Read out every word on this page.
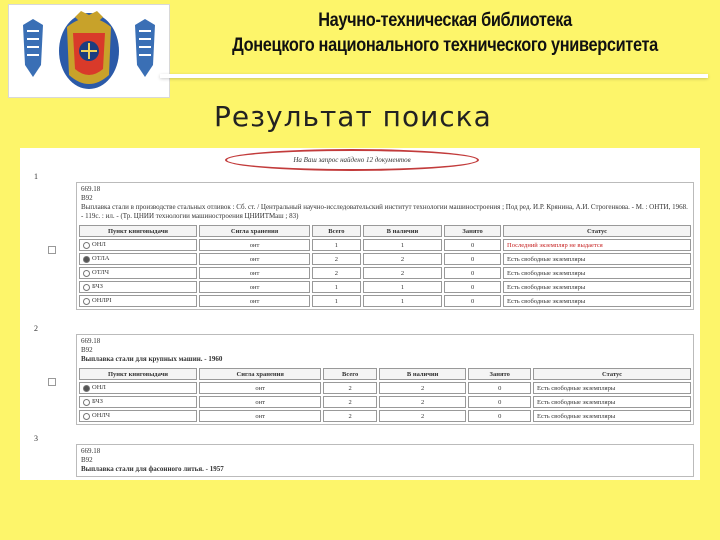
Научно-техническая библиотека
Донецкого национального технического университета
Результат поиска
На Ваш запрос найдено 12 документов
1
669.18
В92
Выплавка стали в производстве стальных отливок : Сб. ст. / Центральный научно-исследовательский институт технологии машиностроения ; Под ред. И.Р. Крянина, А.И. Строгенкова. - М. : ОНТИ, 1968. - 119с. : ил. - (Тр. ЦНИИ технологии машиностроения ЦНИИТМаш ; 83)
Пункт книговыдачи	Сигла хранения	Всего	В наличии	Занято	Статус
ОНЛ	онт	1	1	0	Последний экземпляр не выдается
ОТЛА	онт	2	2	0	Есть свободные экземпляры
ОТЛЧ	онт	2	2	0	Есть свободные экземпляры
БЧЗ	онт	1	1	0	Есть свободные экземпляры
ОНЛРІ	онт	1	1	0	Есть свободные экземпляры
2
669.18
В92
Выплавка стали для крупных машин. - 1960
Пункт книговыдачи	Сигла хранения	Всего	В наличии	Занято	Статус
ОНЛ	онт	2	2	0	Есть свободные экземпляры
БЧЗ	онт	2	2	0	Есть свободные экземпляры
ОНЛЧ	онт	2	2	0	Есть свободные экземпляры
3
669.18
В92
Выплавка стали для фасонного литья. - 1957
